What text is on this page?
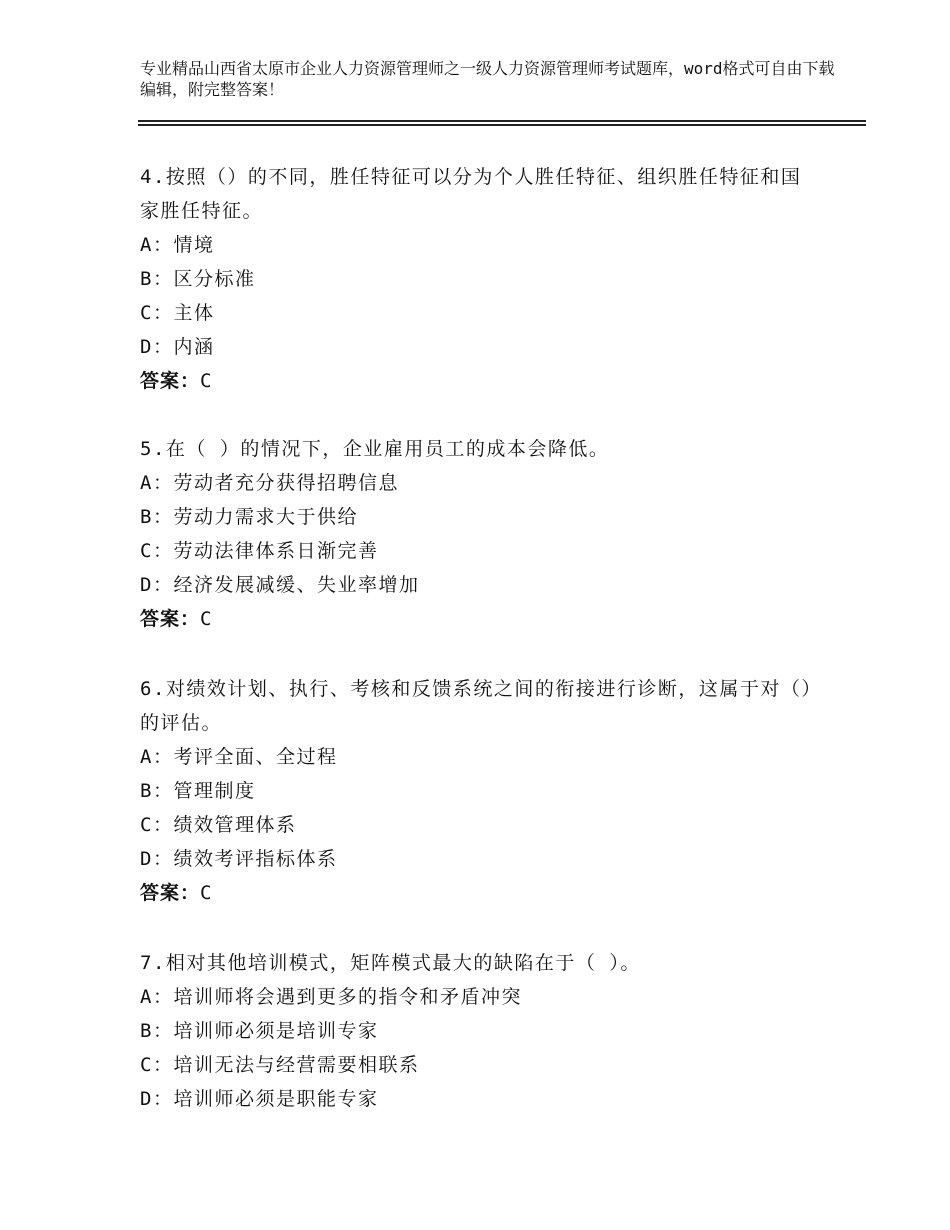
专业精品山西省太原市企业人力资源管理师之一级人力资源管理师考试题库，word格式可自由下载编辑，附完整答案！

4.按照（）的不同，胜任特征可以分为个人胜任特征、组织胜任特征和国家胜任特征。

A：情境

B：区分标准

C：主体

D：内涵

答案：C

5.在（ ）的情况下，企业雇用员工的成本会降低。

A：劳动者充分获得招聘信息

B：劳动力需求大于供给

C：劳动法律体系日渐完善

D：经济发展减缓、失业率增加

答案：C

6.对绩效计划、执行、考核和反馈系统之间的衔接进行诊断，这属于对（）的评估。

A：考评全面、全过程

B：管理制度

C：绩效管理体系

D：绩效考评指标体系

答案：C

7.相对其他培训模式，矩阵模式最大的缺陷在于（ ）。

A：培训师将会遇到更多的指令和矛盾冲突

B：培训师必须是培训专家

C：培训无法与经营需要相联系

D：培训师必须是职能专家
